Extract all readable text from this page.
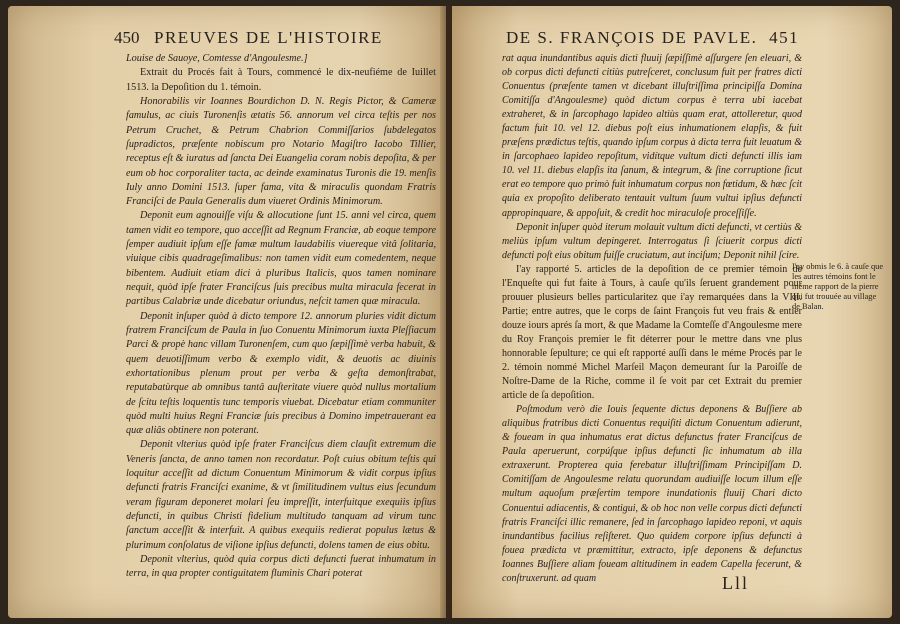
450 PREUVES DE L'HISTOIRE

Louise de Sauoye, Comtesse d'Angoulesme.]

Extrait du Procés fait à Tours, commencé le dix-neufiéme de Iuillet 1513. la Depoſition du 1. témoin.

Honorabilis vir Ioannes Bourdichon D. N. Regis Pictor, & Cameræ famulus, ac ciuis Turonenſis ætatis 56. annorum vel circa teſtis per nos Petrum Cruchet, & Petrum Chabrion Commiſſarios ſubdelegatos ſupradictos, præſente nobiscum pro Notario Magiſtro Iacobo Tillier, receptus eſt & iuratus ad ſancta Dei Euangelia coram nobis depoſita, & per eum ob hoc corporaliter tacta, ac deinde examinatus Turonis die 19. menſis Iuly anno Domini 1513. ſuper fama, vita & miraculis quondam Fratris Franciſci de Paula Generalis dum viueret Ordinis Minimorum.

Deponit eum agnouiſſe viſu & allocutione ſunt 15. anni vel circa, quem tamen vidit eo tempore, quo acceſſit ad Regnum Franciæ, ab eoque tempore ſemper audiuit ipſum eſſe famæ multum laudabilis viuereque vitâ ſolitaria, viuique cibis quadrageſimalibus: non tamen vidit eum comedentem, neque bibentem. Audiuit etiam dici à pluribus Italicis, quos tamen nominare nequit, quòd ipſe frater Franciſcus ſuis precibus multa miracula fecerat in partibus Calabriæ unde dicebatur oriundus, neſcit tamen quæ miracula.

Deponit inſuper quòd à dicto tempore 12. annorum pluries vidit dictum fratrem Franciſcum de Paula in ſuo Conuentu Minimorum iuxta Pleſſiacum Parci & propè hanc villam Turonenſem, cum quo ſæpiſſimè verba habuit, & quem deuotiſſimum verbo & exemplo vidit, & deuotis ac diuinis exhortationibus plenum prout per verba & geſta demonſtrabat, reputabatùrque ab omnibus tantâ auſteritate viuere quòd nullus mortalium de ſcitu teſtis loquentis tunc temporis viuebat. Dicebatur etiam communiter quòd multi huius Regni Franciæ ſuis precibus à Domino impetrauerant ea quæ aliâs obtinere non poterant.

Deponit vlterius quòd ipſe frater Franciſcus diem clauſit extremum die Veneris ſancta, de anno tamen non recordatur. Poſt cuius obitum teſtis qui loquitur acceſſit ad dictum Conuentum Minimorum & vidit corpus ipſius defuncti fratris Franciſci exanime, & vt ſimilitudinem vultus eius ſecundum veram figuram deponeret molari ſeu impreſſit, interfuitque exequiis ipſius defuncti, in quibus Christi fidelium multitudo tanquam ad virum tunc ſanctum acceſſit & interfuit. A quibus exequiis redierat populus lætus & plurimum conſolatus de viſione ipſius defuncti, dolens tamen de eius obitu.

Deponit vlterius, quòd quia corpus dicti defuncti fuerat inhumatum in terra, in qua propter contiguitatem fluminis Chari poterat

DE S. FRANÇOIS DE PAVLE. 451

rat aqua inundantibus aquis dicti fluuij ſæpiſſimè aſſurgere ſen eleuari, & ob corpus dicti defuncti citiùs putreſceret, conclusum fuit per fratres dicti Conuentus (præſente tamen vt dicebant illuſtriſſima principiſſa Domina Comitiſſa d'Angoulesme) quòd dictum corpus è terra ubi iacebat extraheret, & in ſarcophago lapideo altiùs quam erat, attolleretur, quod factum fuit 10. vel 12. diebus poſt eius inhumationem elapſis, & fuit præſens prædictus teſtis, quando ipſum corpus à dicta terra fuit leuatum & in ſarcophaeo lapideo repoſitum, vidítque vultum dicti defuncti illis iam 10. vel 11. diebus elapſis ita ſanum, & integrum, & ſine corruptione ſicut erat eo tempore quo primò fuit inhumatum corpus non fœtidum, & hæc ſcit quia ex propoſito deliberato tentauit vultum ſuum vultui ipſius defuncti appropinquare, & appoſuit, & credit hoc miraculoſe proceſſiſſe.

Deponit inſuper quòd iterum molauit vultum dicti defuncti, vt certiùs & meliùs ipſum vultum depingeret. Interrogatus ſi ſciuerit corpus dicti defuncti poſt eius obitum fuiſſe cruciatum, aut inciſum; Deponit nihil ſcire.

I'ay rapporté 5. articles de la depoſition de ce premier témoin de l'Enqueſte qui fut faite à Tours, à cauſe qu'ils ſeruent grandement pour prouuer plusieurs belles particularitez que i'ay remarquées dans la VIII. Partie; entre autres, que le corps de ſaint François fut veu frais & entier douze iours aprés ſa mort, & que Madame la Comteſſe d'Angoulesme mere du Roy François premier le fit déterrer pour le mettre dans vne plus honnorable ſepulture; ce qui eſt rapporté auſſi dans le méme Procés par le 2. témoin nommé Michel Marſeil Maçon demeurant ſur la Paroiſſe de Noſtre-Dame de la Riche, comme il ſe voit par cet Extrait du premier article de ſa depoſition.

Poſtmodum verò die Iouis ſequente dictus deponens & Buſſiere ab aliquibus fratribus dicti Conuentus requiſiti dictum Conuentum adierunt, & foueam in qua inhumatus erat dictus defunctus frater Franciſcus de Paula aperuerunt, corpúſque ipſius defuncti ſic inhumatum ab illa extraxerunt. Propterea quia ferebatur illuſtriſſimam Principiſſam D. Comitiſſam de Angoulesme relatu quorundam audiuiſſe locum illum eſſe multum aquoſum præſertim tempore inundationis fluuij Chari dicto Conuentui adiacentis, & contigui, & ob hoc non velle corpus dicti defuncti fratris Franciſci illic remanere, ſed in ſarcophago lapideo reponi, vt aquis inundantibus facilius reſiſteret. Quo quidem corpore ipſius defuncti à fouea prædicta vt præmittitur, extracto, ipſe deponens & defunctus Ioannes Buſſiere aliam foueam altitudinem in eadem Capella fecerunt, & conſtruxerunt. ad quam

I'ay obmis le 6. à cauſe que les autres témoins font le méme rapport de la pierre qui fut trouuée au village de Balan.
Lll
